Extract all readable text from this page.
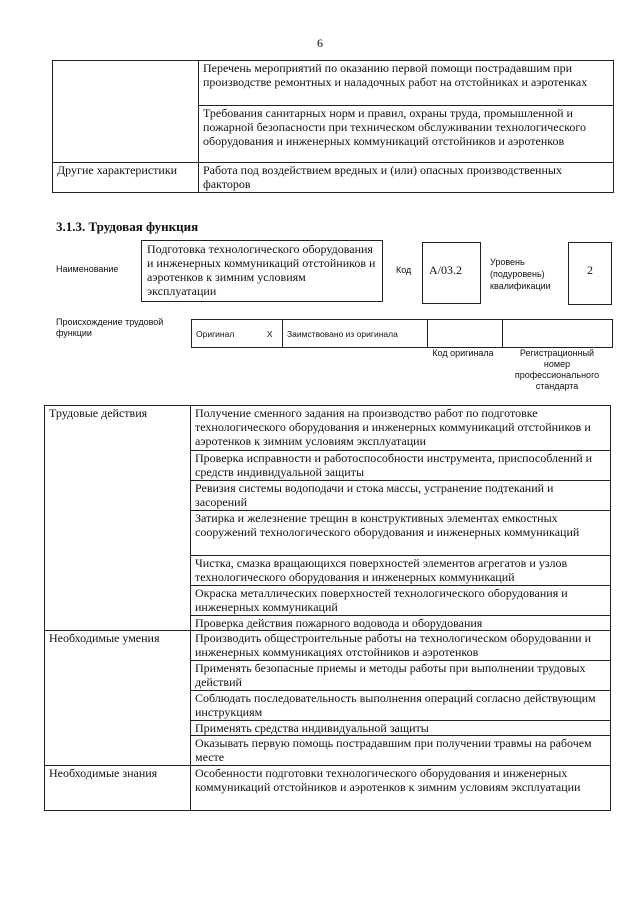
6
	Перечень мероприятий по оказанию первой помощи пострадавшим при производстве ремонтных и наладочных работ на отстойниках и аэротенках
	Требования санитарных норм и правил, охраны труда, промышленной и пожарной безопасности при техническом обслуживании технологического оборудования и инженерных коммуникаций отстойников и аэротенков
Другие характеристики	Работа под воздействием вредных и (или) опасных производственных факторов
3.1.3. Трудовая функция
Наименование
Подготовка технологического оборудования и инженерных коммуникаций отстойников и аэротенков к зимним условиям эксплуатации
Код	A/03.2
Уровень (подуровень) квалификации
2
Происхождение трудовой функции	Оригинал	X	Заимствовано из оригинала		
Код оригинала	Регистрационный номер профессионального стандарта
Трудовые действия	Получение сменного задания на производство работ по подготовке технологического оборудования и инженерных коммуникаций отстойников и аэротенков к зимним условиям эксплуатации
	Проверка исправности и работоспособности инструмента, приспособлений и средств индивидуальной защиты
	Ревизия системы водоподачи и стока массы, устранение подтеканий и засорений
	Затирка и железнение трещин в конструктивных элементах емкостных сооружений технологического оборудования и инженерных коммуникаций
	Чистка, смазка вращающихся поверхностей элементов агрегатов и узлов технологического оборудования и инженерных коммуникаций
	Окраска металлических поверхностей технологического оборудования и инженерных коммуникаций
	Проверка действия пожарного водовода и оборудования
Необходимые умения	Производить общестроительные работы на технологическом оборудовании и инженерных коммуникациях отстойников и аэротенков
	Применять безопасные приемы и методы работы при выполнении трудовых действий
	Соблюдать последовательность выполнения операций согласно действующим инструкциям
	Применять средства индивидуальной защиты
	Оказывать первую помощь пострадавшим при получении травмы на рабочем месте
Необходимые знания	Особенности подготовки технологического оборудования и инженерных коммуникаций отстойников и аэротенков к зимним условиям эксплуатации
